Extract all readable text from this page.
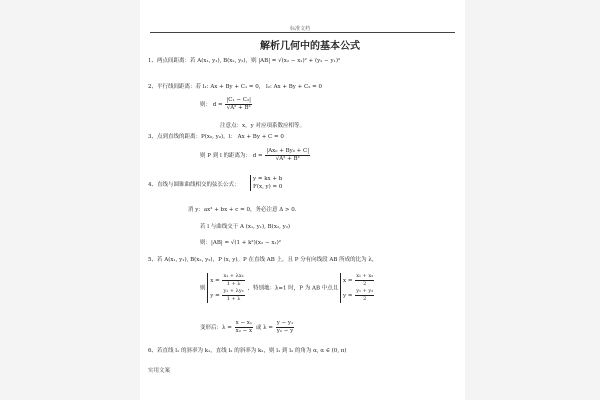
标准文档
解析几何中的基本公式
1、两点间距离：若 A(x₁, y₁), B(x₂, y₂)，则 |AB| = √(x₂ − x₁)² + (y₂ − y₁)²
2、平行线间距离：若 l₁: Ax + By + C₁ = 0， l₂: Ax + By + C₂ = 0
则： $d = \frac{\text{|C₁ − C₂|}}{\text{√A² + B²}}$
注意点：x，y 对应项系数应相等。
3、点到直线的距离：P(x₀, y₀)，l： Ax + By + C = 0
则 P 到 l 的距离为： $d = \frac{\text{|Ax₀ + By₀ + C|}}{\text{√A² + B²}}$
4、直线与圆锥曲线相交的弦长公式：
y = kx + b
F(x, y) = 0
消 y：ax² + bx + c = 0，务必注意 Δ > 0.
若 l 与曲线交于 A (x₁, y₁), B(x₂, y₂)
则：|AB| = √(1 + k²)(x₂ − x₁)²
5、若 A(x₁, y₁), B(x₂, y₂)，P (x, y)。P 在直线 AB 上，且 P 分有向线段 AB 所成的比为 λ，
则
$x = \frac{\text{x₁ + λx₂}}{1 + \lambda}$
$y = \frac{\text{y₁ + λy₂}}{1 + \lambda}$ ，特别地：λ=1 时，P 为 AB 中点且
$x = \frac{\text{x₁ + x₂}}{2}$
$y = \frac{\text{y₁ + y₂}}{2}$
变形后：$\lambda = \frac{\text{x − x₁}}{\text{x₂ − x}}$ 或 $\lambda = \frac{\text{y − y₁}}{\text{y₂ − y}}$
6、若直线 l₁ 的斜率为 k₁，直线 l₂ 的斜率为 k₂，则 l₁ 到 l₂ 的角为 α, α ∈ (0, π)
实用文案
